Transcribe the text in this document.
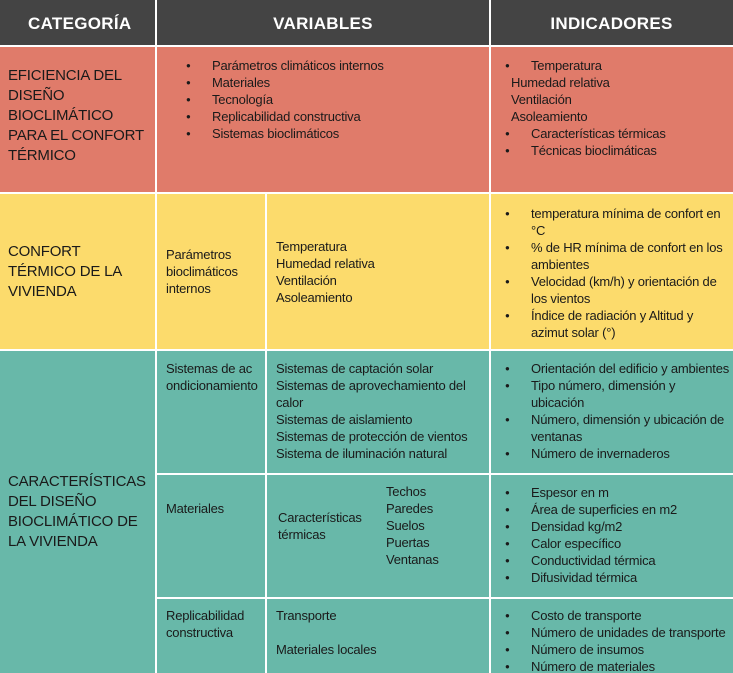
CATEGORÍA	VARIABLES	INDICADORES
EFICIENCIA DEL DISEÑO BIOCLIMÁTICO PARA EL CONFORT TÉRMICO
● Parámetros climáticos internos
● Materiales
● Tecnología
● Replicabilidad constructiva
● Sistemas bioclimáticos
● Temperatura
Humedad relativa
Ventilación
Asoleamiento
● Características térmicas
● Técnicas bioclimáticas
CONFORT TÉRMICO DE LA VIVIENDA
Parámetros bioclimáticos internos
Temperatura
Humedad relativa
Ventilación
Asoleamiento
● temperatura mínima de confort en °C
● % de HR mínima de confort en los ambientes
● Velocidad (km/h) y orientación de los vientos
● Índice de radiación y Altitud y azimut solar (°)
CARACTERÍSTICAS DEL DISEÑO BIOCLIMÁTICO DE LA VIVIENDA
Sistemas de acondicionamiento
Sistemas de captación solar
Sistemas de aprovechamiento del calor
Sistemas de aislamiento
Sistemas de protección de vientos
Sistema de iluminación natural
● Orientación del edificio y ambientes
● Tipo número, dimensión y ubicación
● Número, dimensión y ubicación de ventanas
● Número de invernaderos
Materiales
Características térmicas
Techos
Paredes
Suelos
Puertas
Ventanas
● Espesor en m
● Área de superficies en m2
● Densidad kg/m2
● Calor específico
● Conductividad térmica
● Difusividad térmica
Replicabilidad constructiva
Transporte
Materiales locales
● Costo de transporte
● Número de unidades de transporte
● Número de insumos
● Número de materiales
